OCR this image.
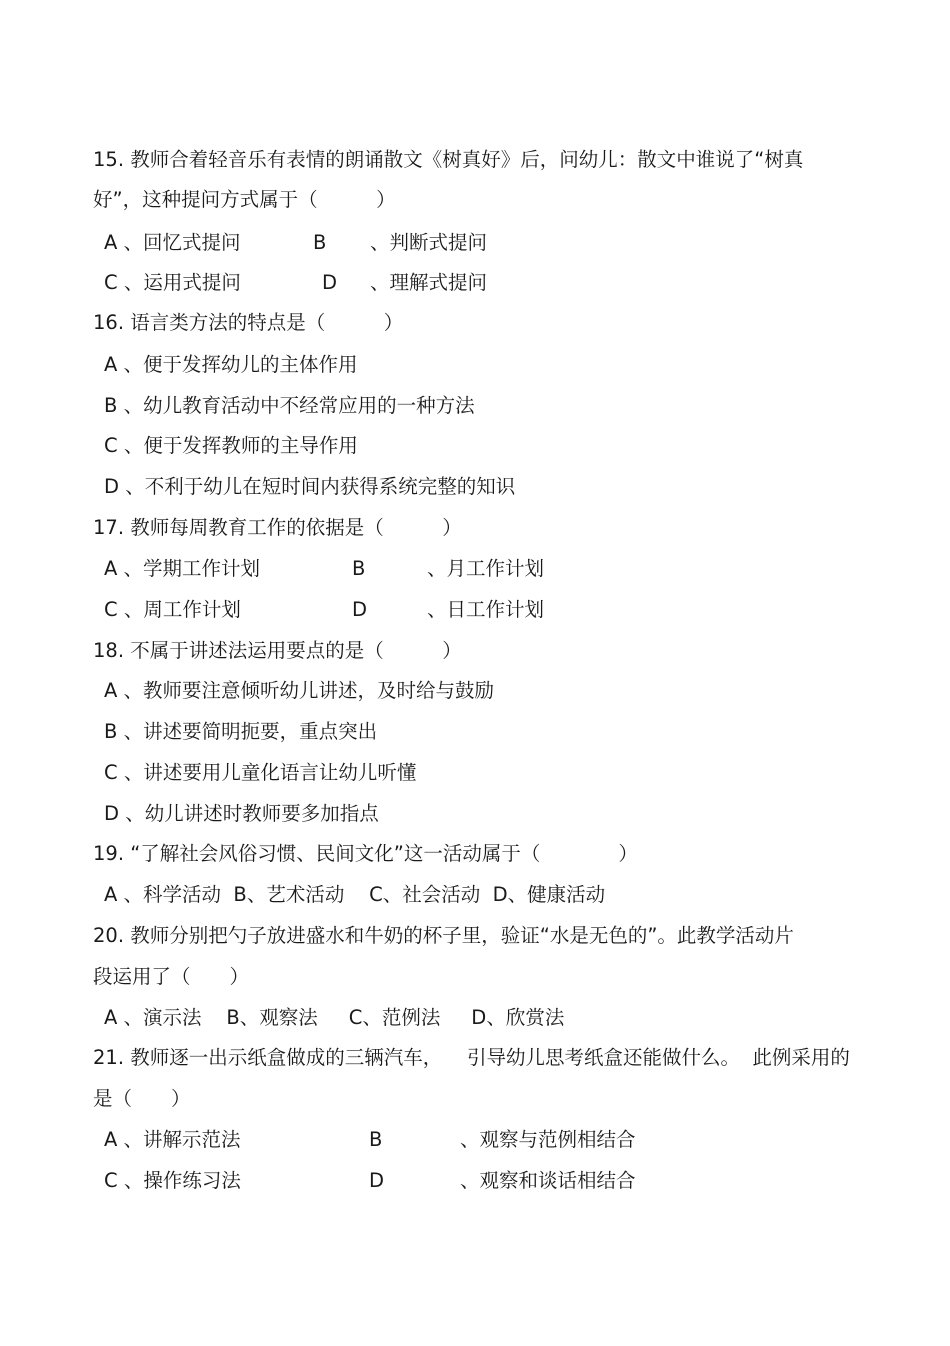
15. 教师合着轻音乐有表情的朗诵散文《树真好》后，问幼儿：散文中谁说了“树真
好”，这种提问方式属于（　　　）
A 、回忆式提问	B 、判断式提问
C 、运用式提问	D 、理解式提问
16. 语言类方法的特点是（　　　）
A 、便于发挥幼儿的主体作用
B 、幼儿教育活动中不经常应用的一种方法
C 、便于发挥教师的主导作用
D 、不利于幼儿在短时间内获得系统完整的知识
17. 教师每周教育工作的依据是（　　　）
A 、学期工作计划	B	、月工作计划
C 、周工作计划	D	、日工作计划
18. 不属于讲述法运用要点的是（　　　）
A 、教师要注意倾听幼儿讲述，及时给与鼓励
B 、讲述要简明扼要，重点突出
C 、讲述要用儿童化语言让幼儿听懂
D 、幼儿讲述时教师要多加指点
19. “了解社会风俗习惯、民间文化”这一活动属于（　　　　）
A 、科学活动  B、艺术活动    C、社会活动  D、健康活动
20. 教师分别把勺子放进盛水和牛奶的杯子里，验证“水是无色的”。此教学活动片
段运用了（　　）
A 、演示法    B、观察法     C、范例法     D、欣赏法
21. 教师逐一出示纸盒做成的三辆汽车，    引导幼儿思考纸盒还能做什么。  此例采用的
是（　　）
A 、讲解示范法	B	、观察与范例相结合
C 、操作练习法	D	、观察和谈话相结合
